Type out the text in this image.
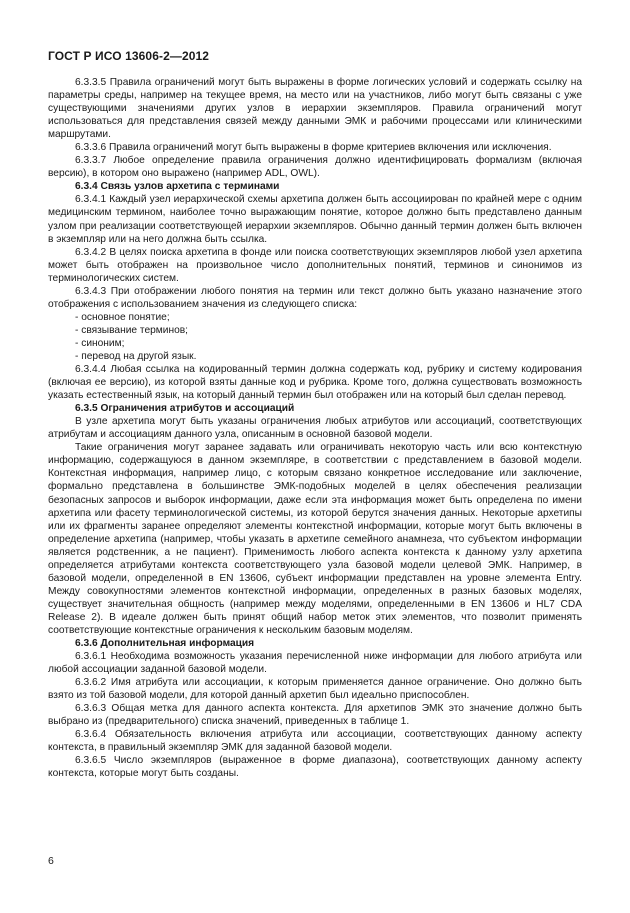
ГОСТ Р ИСО 13606-2—2012

6.3.3.5 Правила ограничений могут быть выражены в форме логических условий и содержать ссылку на параметры среды, например на текущее время, на место или на участников, либо могут быть связаны с уже существующими значениями других узлов в иерархии экземпляров. Правила ограничений могут использоваться для представления связей между данными ЭМК и рабочими процессами или клиническими маршрутами.

6.3.3.6 Правила ограничений могут быть выражены в форме критериев включения или исключения.

6.3.3.7 Любое определение правила ограничения должно идентифицировать формализм (включая версию), в котором оно выражено (например ADL, OWL).

6.3.4 Связь узлов архетипа с терминами

6.3.4.1 Каждый узел иерархической схемы архетипа должен быть ассоциирован по крайней мере с одним медицинским термином, наиболее точно выражающим понятие, которое должно быть представлено данным узлом при реализации соответствующей иерархии экземпляров. Обычно данный термин должен быть включен в экземпляр или на него должна быть ссылка.

6.3.4.2 В целях поиска архетипа в фонде или поиска соответствующих экземпляров любой узел архетипа может быть отображен на произвольное число дополнительных понятий, терминов и синонимов из терминологических систем.

6.3.4.3 При отображении любого понятия на термин или текст должно быть указано назначение этого отображения с использованием значения из следующего списка:

- основное понятие;

- связывание терминов;

- синоним;

- перевод на другой язык.

6.3.4.4 Любая ссылка на кодированный термин должна содержать код, рубрику и систему кодирования (включая ее версию), из которой взяты данные код и рубрика. Кроме того, должна существовать возможность указать естественный язык, на который данный термин был отображен или на который был сделан перевод.

6.3.5 Ограничения атрибутов и ассоциаций

В узле архетипа могут быть указаны ограничения любых атрибутов или ассоциаций, соответствующих атрибутам и ассоциациям данного узла, описанным в основной базовой модели.

Такие ограничения могут заранее задавать или ограничивать некоторую часть или всю контекстную информацию, содержащуюся в данном экземпляре, в соответствии с представлением в базовой модели. Контекстная информация, например лицо, с которым связано конкретное исследование или заключение, формально представлена в большинстве ЭМК-подобных моделей в целях обеспечения реализации безопасных запросов и выборок информации, даже если эта информация может быть определена по имени архетипа или фасету терминологической системы, из которой берутся значения данных. Некоторые архетипы или их фрагменты заранее определяют элементы контекстной информации, которые могут быть включены в определение архетипа (например, чтобы указать в архетипе семейного анамнеза, что субъектом информации является родственник, а не пациент). Применимость любого аспекта контекста к данному узлу архетипа определяется атрибутами контекста соответствующего узла базовой модели целевой ЭМК. Например, в базовой модели, определенной в EN 13606, субъект информации представлен на уровне элемента Entry. Между совокупностями элементов контекстной информации, определенных в разных базовых моделях, существует значительная общность (например между моделями, определенными в EN 13606 и HL7 CDA Release 2). В идеале должен быть принят общий набор меток этих элементов, что позволит применять соответствующие контекстные ограничения к нескольким базовым моделям.

6.3.6 Дополнительная информация

6.3.6.1 Необходима возможность указания перечисленной ниже информации для любого атрибута или любой ассоциации заданной базовой модели.

6.3.6.2 Имя атрибута или ассоциации, к которым применяется данное ограничение. Оно должно быть взято из той базовой модели, для которой данный архетип был идеально приспособлен.

6.3.6.3 Общая метка для данного аспекта контекста. Для архетипов ЭМК это значение должно быть выбрано из (предварительного) списка значений, приведенных в таблице 1.

6.3.6.4 Обязательность включения атрибута или ассоциации, соответствующих данному аспекту контекста, в правильный экземпляр ЭМК для заданной базовой модели.

6.3.6.5 Число экземпляров (выраженное в форме диапазона), соответствующих данному аспекту контекста, которые могут быть созданы.

6
